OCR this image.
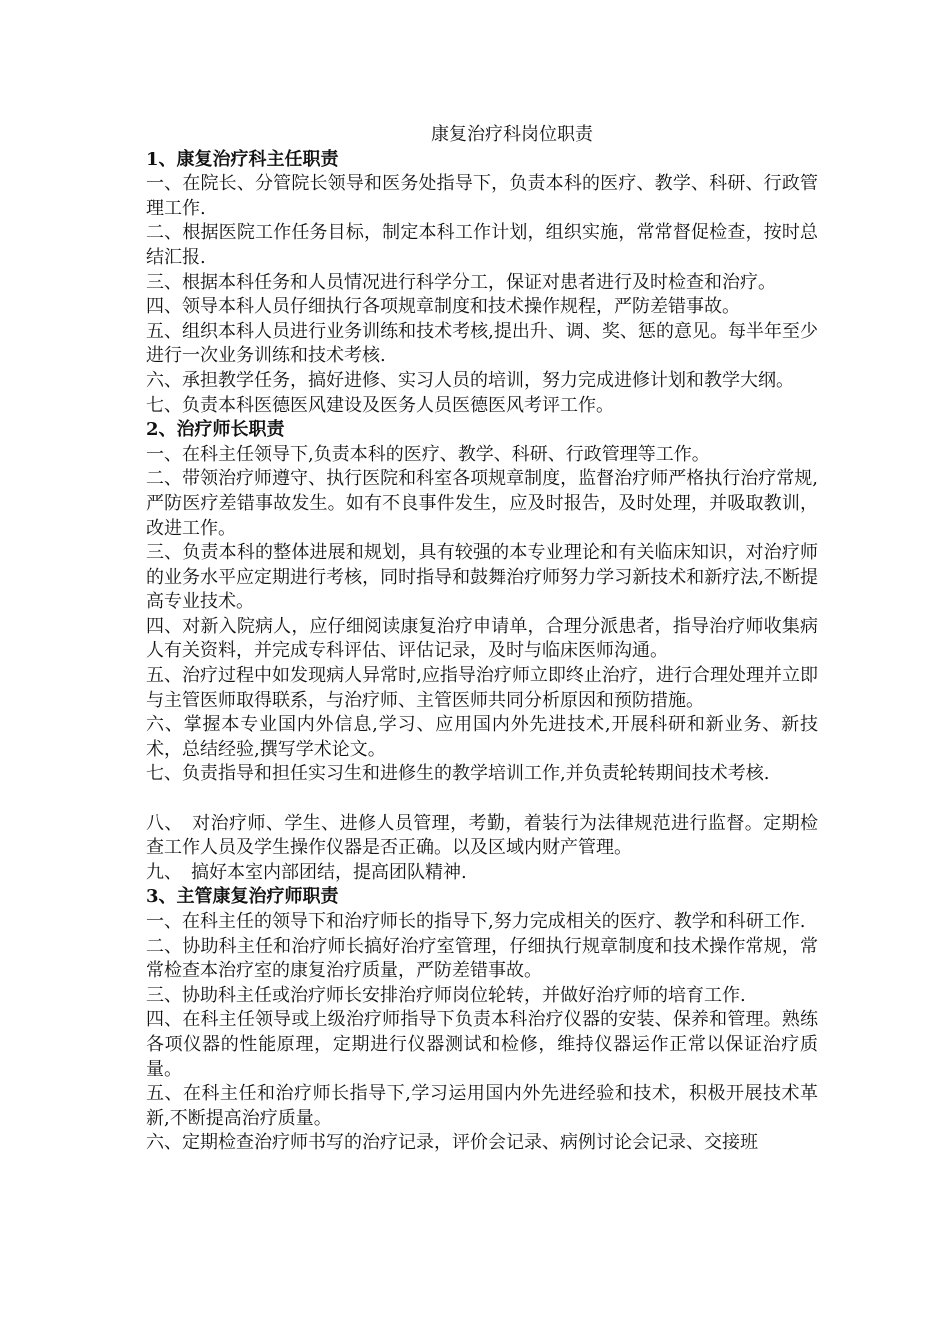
康复治疗科岗位职责

1、康复治疗科主任职责

一、在院长、分管院长领导和医务处指导下，负责本科的医疗、教学、科研、行政管理工作.

二、根据医院工作任务目标，制定本科工作计划，组织实施，常常督促检查，按时总结汇报.

三、根据本科任务和人员情况进行科学分工，保证对患者进行及时检查和治疗。

四、领导本科人员仔细执行各项规章制度和技术操作规程，严防差错事故。

五、组织本科人员进行业务训练和技术考核,提出升、调、奖、惩的意见。每半年至少进行一次业务训练和技术考核.

六、承担教学任务，搞好进修、实习人员的培训，努力完成进修计划和教学大纲。

七、负责本科医德医风建设及医务人员医德医风考评工作。

2、治疗师长职责

一、在科主任领导下,负责本科的医疗、教学、科研、行政管理等工作。

二、带领治疗师遵守、执行医院和科室各项规章制度，监督治疗师严格执行治疗常规,严防医疗差错事故发生。如有不良事件发生，应及时报告，及时处理，并吸取教训，改进工作。

三、负责本科的整体进展和规划，具有较强的本专业理论和有关临床知识，对治疗师的业务水平应定期进行考核，同时指导和鼓舞治疗师努力学习新技术和新疗法,不断提高专业技术。

四、对新入院病人，应仔细阅读康复治疗申请单，合理分派患者，指导治疗师收集病人有关资料，并完成专科评估、评估记录，及时与临床医师沟通。

五、治疗过程中如发现病人异常时,应指导治疗师立即终止治疗，进行合理处理并立即与主管医师取得联系，与治疗师、主管医师共同分析原因和预防措施。

六、掌握本专业国内外信息,学习、应用国内外先进技术,开展科研和新业务、新技术，总结经验,撰写学术论文。

七、负责指导和担任实习生和进修生的教学培训工作,并负责轮转期间技术考核.

八、　对治疗师、学生、进修人员管理，考勤，着装行为法律规范进行监督。定期检查工作人员及学生操作仪器是否正确。以及区域内财产管理。

九、　搞好本室内部团结，提高团队精神.

3、主管康复治疗师职责

一、在科主任的领导下和治疗师长的指导下,努力完成相关的医疗、教学和科研工作.

二、协助科主任和治疗师长搞好治疗室管理，仔细执行规章制度和技术操作常规，常常检查本治疗室的康复治疗质量，严防差错事故。

三、协助科主任或治疗师长安排治疗师岗位轮转，并做好治疗师的培育工作.

四、在科主任领导或上级治疗师指导下负责本科治疗仪器的安装、保养和管理。熟练各项仪器的性能原理，定期进行仪器测试和检修，维持仪器运作正常以保证治疗质量。

五、在科主任和治疗师长指导下,学习运用国内外先进经验和技术，积极开展技术革新,不断提高治疗质量。

六、定期检查治疗师书写的治疗记录，评价会记录、病例讨论会记录、交接班
